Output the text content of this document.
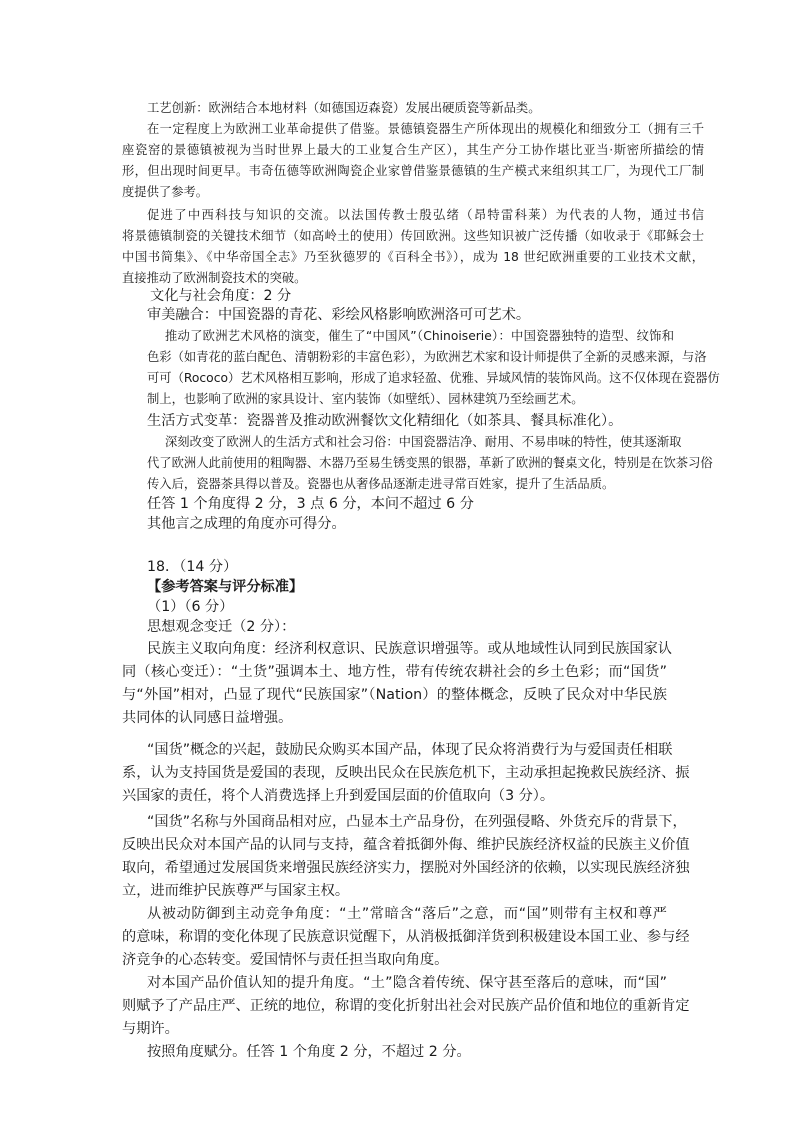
工艺创新：欧洲结合本地材料（如德国迈森瓷）发展出硬质瓷等新品类。
在一定程度上为欧洲工业革命提供了借鉴。景德镇瓷器生产所体现出的规模化和细致分工（拥有三千
座瓷窑的景德镇被视为当时世界上最大的工业复合生产区），其生产分工协作堪比亚当·斯密所描绘的情
形，但出现时间更早。韦奇伍德等欧洲陶瓷企业家曾借鉴景德镇的生产模式来组织其工厂，为现代工厂制
度提供了参考。
促进了中西科技与知识的交流。以法国传教士殷弘绪（昂特雷科莱）为代表的人物，通过书信
将景德镇制瓷的关键技术细节（如高岭土的使用）传回欧洲。这些知识被广泛传播（如收录于《耶稣会士
中国书简集》、《中华帝国全志》乃至狄德罗的《百科全书》），成为 18 世纪欧洲重要的工业技术文献，
直接推动了欧洲制瓷技术的突破。
文化与社会角度：2 分
审美融合：中国瓷器的青花、彩绘风格影响欧洲洛可可艺术。
推动了欧洲艺术风格的演变，催生了“中国风”（Chinoiserie）：中国瓷器独特的造型、纹饰和
色彩（如青花的蓝白配色、清朝粉彩的丰富色彩），为欧洲艺术家和设计师提供了全新的灵感来源，与洛
可可（Rococo）艺术风格相互影响，形成了追求轻盈、优雅、异域风情的装饰风尚。这不仅体现在瓷器仿
制上，也影响了欧洲的家具设计、室内装饰（如壁纸）、园林建筑乃至绘画艺术。
生活方式变革：瓷器普及推动欧洲餐饮文化精细化（如茶具、餐具标准化）。
深刻改变了欧洲人的生活方式和社会习俗：中国瓷器洁净、耐用、不易串味的特性，使其逐渐取
代了欧洲人此前使用的粗陶器、木器乃至易生锈变黑的银器，革新了欧洲的餐桌文化，特别是在饮茶习俗
传入后，瓷器茶具得以普及。瓷器也从奢侈品逐渐走进寻常百姓家，提升了生活品质。
任答 1 个角度得 2 分，3 点 6 分，本问不超过 6 分
其他言之成理的角度亦可得分。
18．（14 分）
【参考答案与评分标准】
（1）（6 分）
思想观念变迁（2 分）：
民族主义取向角度：经济利权意识、民族意识增强等。或从地域性认同到民族国家认
同（核心变迁）：“土货”强调本土、地方性，带有传统农耕社会的乡土色彩；而“国货”
与“外国”相对，凸显了现代“民族国家”（Nation）的整体概念，反映了民众对中华民族
共同体的认同感日益增强。
“国货”概念的兴起，鼓励民众购买本国产品，体现了民众将消费行为与爱国责任相联
系，认为支持国货是爱国的表现，反映出民众在民族危机下，主动承担起挽救民族经济、振
兴国家的责任，将个人消费选择上升到爱国层面的价值取向（3 分）。
“国货”名称与外国商品相对应，凸显本土产品身份，在列强侵略、外货充斥的背景下，
反映出民众对本国产品的认同与支持，蕴含着抵御外侮、维护民族经济权益的民族主义价值
取向，希望通过发展国货来增强民族经济实力，摆脱对外国经济的依赖，以实现民族经济独
立，进而维护民族尊严与国家主权。
从被动防御到主动竞争角度：“土”常暗含“落后”之意，而“国”则带有主权和尊严
的意味，称谓的变化体现了民族意识觉醒下，从消极抵御洋货到积极建设本国工业、参与经
济竞争的心态转变。爱国情怀与责任担当取向角度。
对本国产品价值认知的提升角度。“土”隐含着传统、保守甚至落后的意味，而“国”
则赋予了产品庄严、正统的地位，称谓的变化折射出社会对民族产品价值和地位的重新肯定
与期许。
按照角度赋分。任答 1 个角度 2 分，不超过 2 分。
